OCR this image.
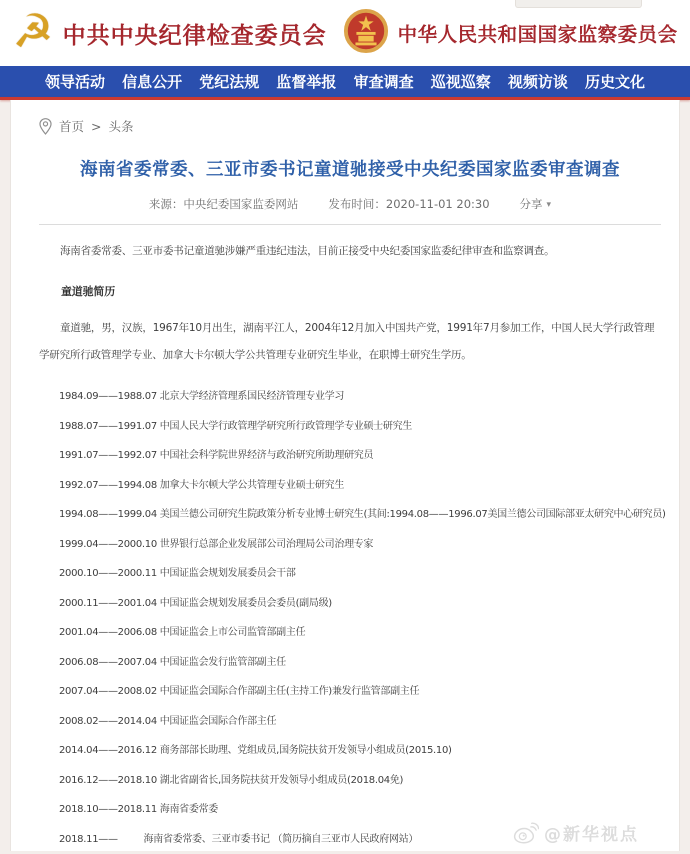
☭ 中共中央纪律检查委员会	中华人民共和国国家监察委员会
领导活动 信息公开 党纪法规 监督举报 审查调查 巡视巡察 视频访谈 历史文化
首页 > 头条
海南省委常委、三亚市委书记童道驰接受中央纪委国家监委审查调查
来源： 中央纪委国家监委网站	发布时间： 2020-11-01 20:30	分享 ▾

海南省委常委、三亚市委书记童道驰涉嫌严重违纪违法，目前正接受中央纪委国家监委纪律审查和监察调查。

童道驰简历

童道驰，男，汉族，1967年10月出生，湖南平江人，2004年12月加入中国共产党，1991年7月参加工作，中国人民大学行政管理学研究所行政管理学专业、加拿大卡尔顿大学公共管理专业研究生毕业，在职博士研究生学历。

1984.09——1988.07 北京大学经济管理系国民经济管理专业学习
1988.07——1991.07 中国人民大学行政管理学研究所行政管理学专业硕士研究生
1991.07——1992.07 中国社会科学院世界经济与政治研究所助理研究员
1992.07——1994.08 加拿大卡尔顿大学公共管理专业硕士研究生
1994.08——1999.04 美国兰德公司研究生院政策分析专业博士研究生(其间:1994.08——1996.07美国兰德公司国际部亚太研究中心研究员)
1999.04——2000.10 世界银行总部企业发展部公司治理局公司治理专家
2000.10——2000.11 中国证监会规划发展委员会干部
2000.11——2001.04 中国证监会规划发展委员会委员(副局级)
2001.04——2006.08 中国证监会上市公司监管部副主任
2006.08——2007.04 中国证监会发行监管部副主任
2007.04——2008.02 中国证监会国际合作部副主任(主持工作)兼发行监管部副主任
2008.02——2014.04 中国证监会国际合作部主任
2014.04——2016.12 商务部部长助理、党组成员,国务院扶贫开发领导小组成员(2015.10)
2016.12——2018.10 湖北省副省长,国务院扶贫开发领导小组成员(2018.04免)
2018.10——2018.11 海南省委常委
2018.11——         海南省委常委、三亚市委书记 （简历摘自三亚市人民政府网站）	@新华视点
